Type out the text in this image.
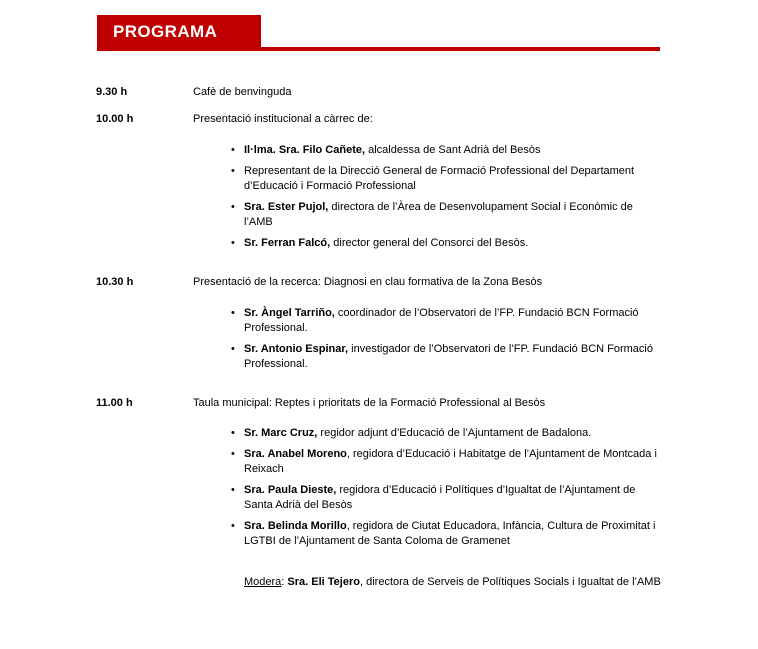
PROGRAMA
9.30 h	Cafè de benvinguda

10.00 h	Presentació institucional a càrrec de:

• Il·lma. Sra. Filo Cañete, alcaldessa de Sant Adrià del Besòs
• Representant de la Direcció General de Formació Professional del Departament d’Educació i Formació Professional
• Sra. Ester Pujol, directora de l’Àrea de Desenvolupament Social i Econòmic de l’AMB
• Sr. Ferran Falcó, director general del Consorci del Besòs.
10.30 h	Presentació de la recerca: Diagnosi en clau formativa de la Zona Besòs

• Sr. Àngel Tarriño, coordinador de l’Observatori de l’FP. Fundació BCN Formació Professional.
• Sr. Antonio Espinar, investigador de l’Observatori de l’FP. Fundació BCN Formació Professional.
11.00 h	Taula municipal: Reptes i prioritats de la Formació Professional al Besòs

• Sr. Marc Cruz, regidor adjunt d’Educació de l’Ajuntament de Badalona.
• Sra. Anabel Moreno, regidora d’Educació i Habitatge de l’Ajuntament de Montcada i Reixach
• Sra. Paula Dieste, regidora d’Educació i Polítiques d’Igualtat de l’Ajuntament de Santa Adrià del Besòs
• Sra. Belinda Morillo, regidora de Ciutat Educadora, Infància, Cultura de Proximitat i LGTBI de l’Ajuntament de Santa Coloma de Gramenet

Modera: Sra. Eli Tejero, directora de Serveis de Polítiques Socials i Igualtat de l’AMB
